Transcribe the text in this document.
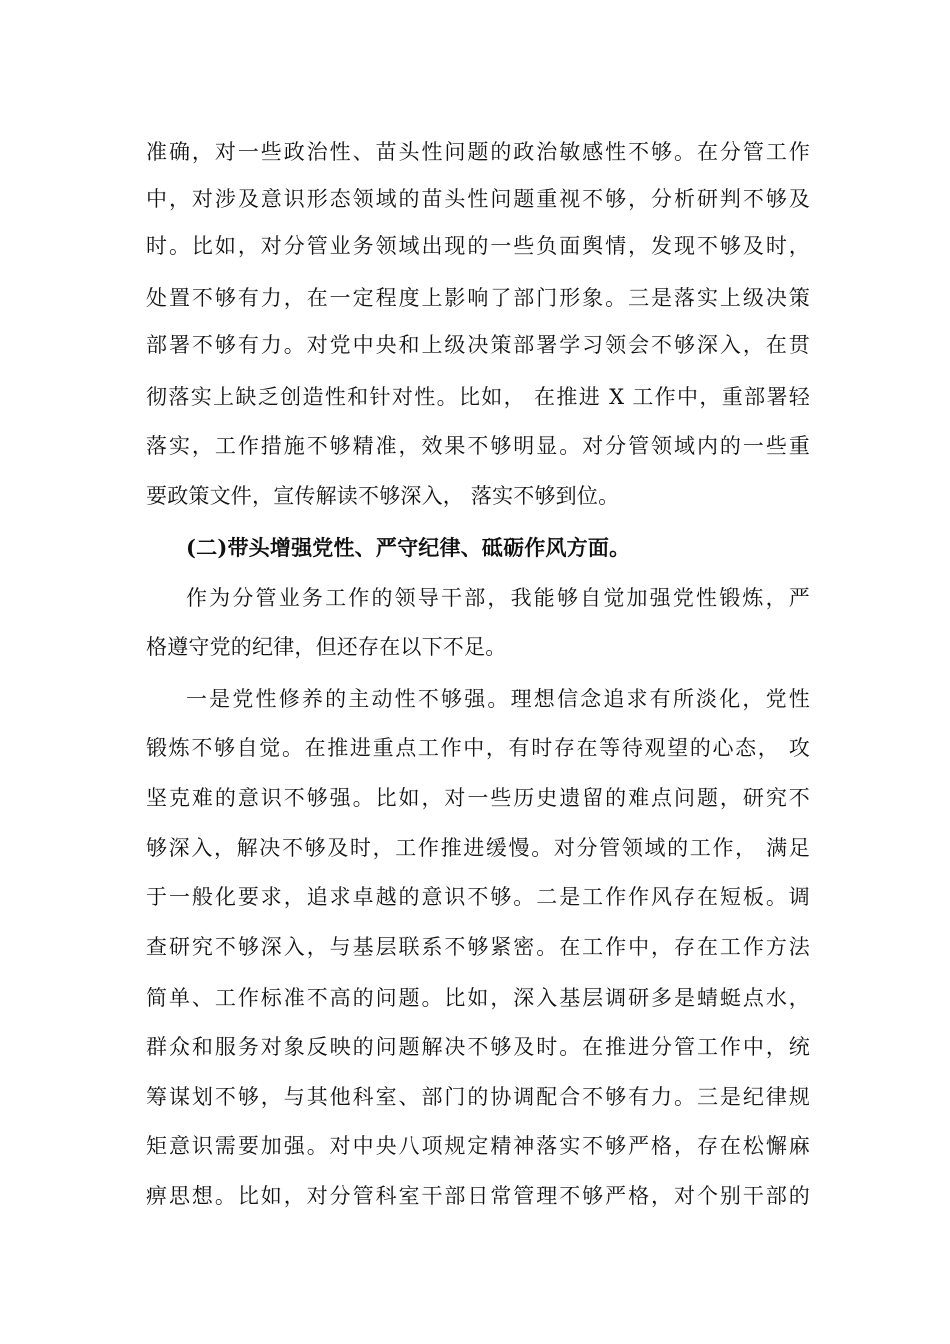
准确，对一些政治性、苗头性问题的政治敏感性不够。在分管工作
中，对涉及意识形态领域的苗头性问题重视不够，分析研判不够及
时。比如，对分管业务领域出现的一些负面舆情，发现不够及时，
处置不够有力，在一定程度上影响了部门形象。三是落实上级决策
部署不够有力。对党中央和上级决策部署学习领会不够深入，在贯
彻落实上缺乏创造性和针对性。比如， 在推进 X 工作中，重部署轻
落实，工作措施不够精准，效果不够明显。对分管领域内的一些重
要政策文件，宣传解读不够深入， 落实不够到位。
(二)带头增强党性、严守纪律、砥砺作风方面。
作为分管业务工作的领导干部，我能够自觉加强党性锻炼，严
格遵守党的纪律，但还存在以下不足。
一是党性修养的主动性不够强。理想信念追求有所淡化，党性
锻炼不够自觉。在推进重点工作中，有时存在等待观望的心态， 攻
坚克难的意识不够强。比如，对一些历史遗留的难点问题，研究不
够深入，解决不够及时，工作推进缓慢。对分管领域的工作， 满足
于一般化要求，追求卓越的意识不够。二是工作作风存在短板。调
查研究不够深入，与基层联系不够紧密。在工作中，存在工作方法
简单、工作标准不高的问题。比如，深入基层调研多是蜻蜓点水，
群众和服务对象反映的问题解决不够及时。在推进分管工作中，统
筹谋划不够，与其他科室、部门的协调配合不够有力。三是纪律规
矩意识需要加强。对中央八项规定精神落实不够严格，存在松懈麻
痹思想。比如，对分管科室干部日常管理不够严格，对个别干部的
